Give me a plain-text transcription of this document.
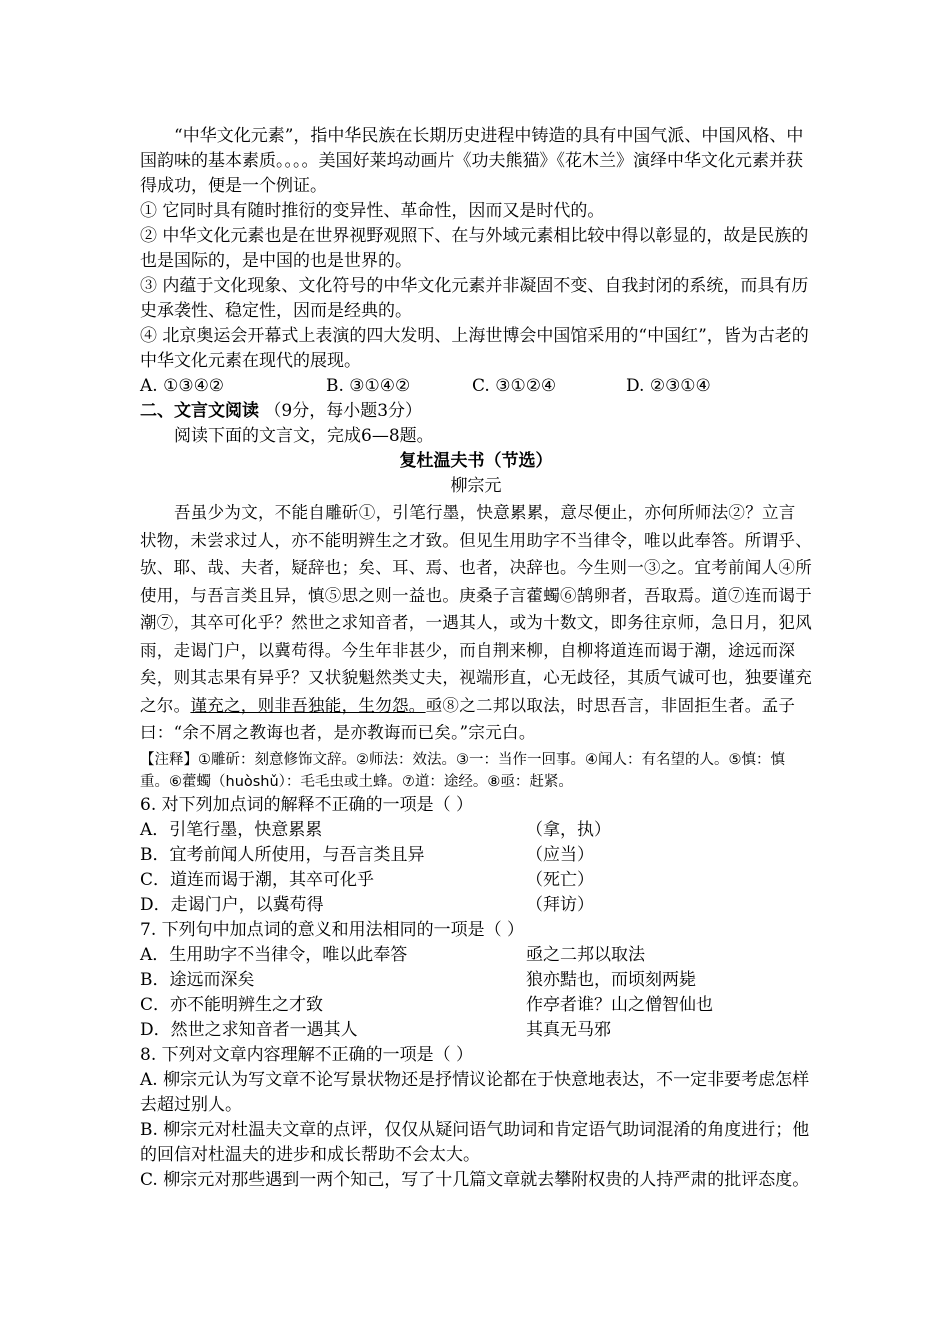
“中华文化元素”，指中华民族在长期历史进程中铸造的具有中国气派、中国风格、中国韵味的基本素质。。。。美国好莱坞动画片《功夫熊猫》《花木兰》演绎中华文化元素并获得成功，便是一个例证。

① 它同时具有随时推衍的变异性、革命性，因而又是时代的。

② 中华文化元素也是在世界视野观照下、在与外域元素相比较中得以彰显的，故是民族的也是国际的，是中国的也是世界的。

③ 内蕴于文化现象、文化符号的中华文化元素并非凝固不变、自我封闭的系统，而具有历史承袭性、稳定性，因而是经典的。

④ 北京奥运会开幕式上表演的四大发明、上海世博会中国馆采用的“中国红”，皆为古老的中华文化元素在现代的展现。

A. ①③④②	B. ③①④②	C. ③①②④	D. ②③①④
二、文言文阅读 （9分，每小题3分）

阅读下面的文言文，完成6—8题。

复杜温夫书（节选）
柳宗元

吾虽少为文，不能自雕斫①，引笔行墨，快意累累，意尽便止，亦何所师法②？立言状物，未尝求过人，亦不能明辨生之才致。但见生用助字不当律令，唯以此奉答。所谓乎、欤、耶、哉、夫者，疑辞也；矣、耳、焉、也者，决辞也。今生则一③之。宜考前闻人④所使用，与吾言类且异，慎⑤思之则一益也。庚桑子言藿蠋⑥鹄卵者，吾取焉。道⑦连而谒于潮⑦，其卒可化乎？然世之求知音者，一遇其人，或为十数文，即务往京师，急日月，犯风雨，走谒门户，以冀苟得。今生年非甚少，而自荆来柳，自柳将道连而谒于潮，途远而深矣，则其志果有异乎？又状貌魁然类丈夫，视端形直，心无歧径，其质气诚可也，独要谨充之尔。谨充之，则非吾独能，生勿怨。亟⑧之二邦以取法，时思吾言，非固拒生者。孟子曰：“余不屑之教诲也者，是亦教诲而已矣。”宗元白。

【注释】①雕斫：刻意修饰文辞。②师法：效法。③一：当作一回事。④闻人：有名望的人。⑤慎：慎重。⑥藿蠋（huòshǔ）：毛毛虫或土蜂。⑦道：途经。⑧亟：赶紧。

6. 对下列加点词的解释不正确的一项是（ ）

A．引笔行墨，快意累累	（拿，执）
B．宜考前闻人所使用，与吾言类且异	（应当）
C．道连而谒于潮，其卒可化乎	（死亡）
D．走谒门户，以冀苟得	（拜访）

7. 下列句中加点词的意义和用法相同的一项是（ ）

A．生用助字不当律令，唯以此奉答	亟之二邦以取法
B．途远而深矣	狼亦黠也，而顷刻两毙
C．亦不能明辨生之才致	作亭者谁？山之僧智仙也
D．然世之求知音者一遇其人	其真无马邪

8. 下列对文章内容理解不正确的一项是（ ）

A. 柳宗元认为写文章不论写景状物还是抒情议论都在于快意地表达，不一定非要考虑怎样去超过别人。

B. 柳宗元对杜温夫文章的点评，仅仅从疑问语气助词和肯定语气助词混淆的角度进行；他的回信对杜温夫的进步和成长帮助不会太大。

C. 柳宗元对那些遇到一两个知己，写了十几篇文章就去攀附权贵的人持严肃的批评态度。
